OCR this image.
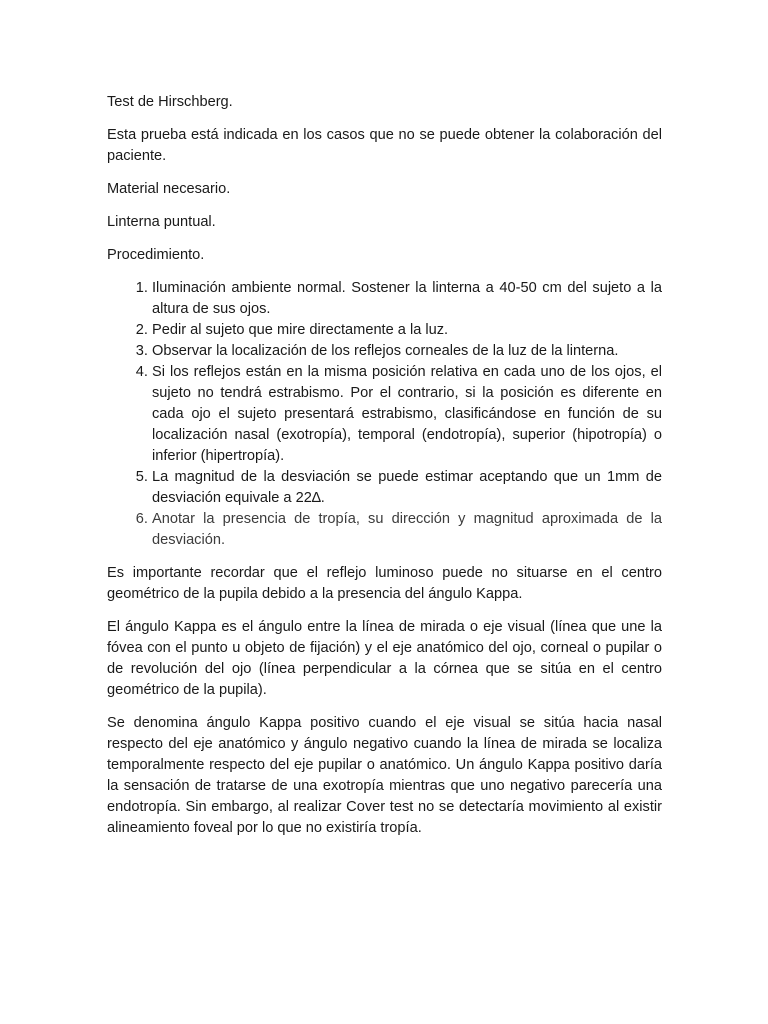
Test de Hirschberg.

Esta prueba está indicada en los casos que no se puede obtener la colaboración del paciente.

Material necesario.

Linterna puntual.

Procedimiento.

1. Iluminación ambiente normal. Sostener la linterna a 40-50 cm del sujeto a la altura de sus ojos.
2. Pedir al sujeto que mire directamente a la luz.
3. Observar la localización de los reflejos corneales de la luz de la linterna.
4. Si los reflejos están en la misma posición relativa en cada uno de los ojos, el sujeto no tendrá estrabismo. Por el contrario, si la posición es diferente en cada ojo el sujeto presentará estrabismo, clasificándose en función de su localización nasal (exotropía), temporal (endotropía), superior (hipotropía) o inferior (hipertropía).
5. La magnitud de la desviación se puede estimar aceptando que un 1mm de desviación equivale a 22∆.
6. Anotar la presencia de tropía, su dirección y magnitud aproximada de la desviación.

Es importante recordar que el reflejo luminoso puede no situarse en el centro geométrico de la pupila debido a la presencia del ángulo Kappa.

El ángulo Kappa es el ángulo entre la línea de mirada o eje visual (línea que une la fóvea con el punto u objeto de fijación) y el eje anatómico del ojo, corneal o pupilar o de revolución del ojo (línea perpendicular a la córnea que se sitúa en el centro geométrico de la pupila).

Se denomina ángulo Kappa positivo cuando el eje visual se sitúa hacia nasal respecto del eje anatómico y ángulo negativo cuando la línea de mirada se localiza temporalmente respecto del eje pupilar o anatómico. Un ángulo Kappa positivo daría la sensación de tratarse de una exotropía mientras que uno negativo parecería una endotropía. Sin embargo, al realizar Cover test no se detectaría movimiento al existir alineamiento foveal por lo que no existiría tropía.
